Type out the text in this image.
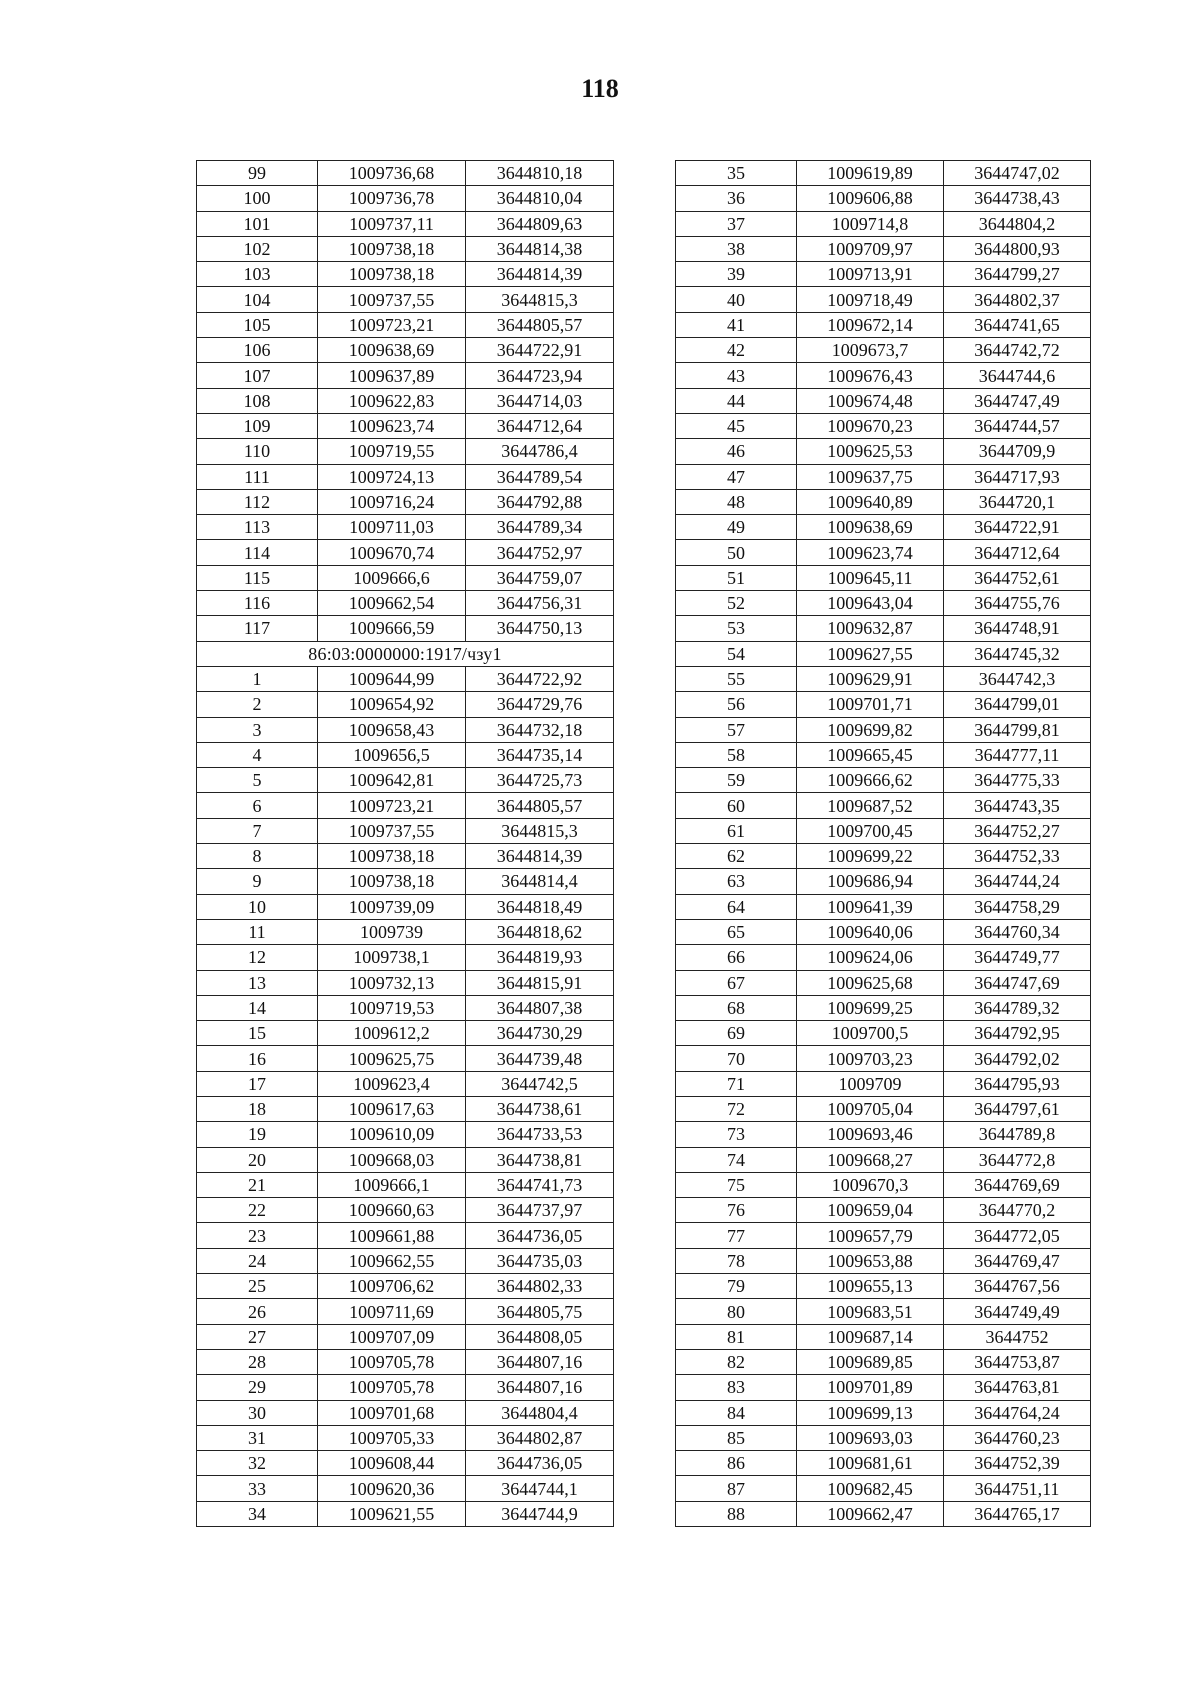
118
99	1009736,68	3644810,18
100	1009736,78	3644810,04
101	1009737,11	3644809,63
102	1009738,18	3644814,38
103	1009738,18	3644814,39
104	1009737,55	3644815,3
105	1009723,21	3644805,57
106	1009638,69	3644722,91
107	1009637,89	3644723,94
108	1009622,83	3644714,03
109	1009623,74	3644712,64
110	1009719,55	3644786,4
111	1009724,13	3644789,54
112	1009716,24	3644792,88
113	1009711,03	3644789,34
114	1009670,74	3644752,97
115	1009666,6	3644759,07
116	1009662,54	3644756,31
117	1009666,59	3644750,13
86:03:0000000:1917/чзу1		
1	1009644,99	3644722,92
2	1009654,92	3644729,76
3	1009658,43	3644732,18
4	1009656,5	3644735,14
5	1009642,81	3644725,73
6	1009723,21	3644805,57
7	1009737,55	3644815,3
8	1009738,18	3644814,39
9	1009738,18	3644814,4
10	1009739,09	3644818,49
11	1009739	3644818,62
12	1009738,1	3644819,93
13	1009732,13	3644815,91
14	1009719,53	3644807,38
15	1009612,2	3644730,29
16	1009625,75	3644739,48
17	1009623,4	3644742,5
18	1009617,63	3644738,61
19	1009610,09	3644733,53
20	1009668,03	3644738,81
21	1009666,1	3644741,73
22	1009660,63	3644737,97
23	1009661,88	3644736,05
24	1009662,55	3644735,03
25	1009706,62	3644802,33
26	1009711,69	3644805,75
27	1009707,09	3644808,05
28	1009705,78	3644807,16
29	1009705,78	3644807,16
30	1009701,68	3644804,4
31	1009705,33	3644802,87
32	1009608,44	3644736,05
33	1009620,36	3644744,1
34	1009621,55	3644744,9
35	1009619,89	3644747,02
36	1009606,88	3644738,43
37	1009714,8	3644804,2
38	1009709,97	3644800,93
39	1009713,91	3644799,27
40	1009718,49	3644802,37
41	1009672,14	3644741,65
42	1009673,7	3644742,72
43	1009676,43	3644744,6
44	1009674,48	3644747,49
45	1009670,23	3644744,57
46	1009625,53	3644709,9
47	1009637,75	3644717,93
48	1009640,89	3644720,1
49	1009638,69	3644722,91
50	1009623,74	3644712,64
51	1009645,11	3644752,61
52	1009643,04	3644755,76
53	1009632,87	3644748,91
54	1009627,55	3644745,32
55	1009629,91	3644742,3
56	1009701,71	3644799,01
57	1009699,82	3644799,81
58	1009665,45	3644777,11
59	1009666,62	3644775,33
60	1009687,52	3644743,35
61	1009700,45	3644752,27
62	1009699,22	3644752,33
63	1009686,94	3644744,24
64	1009641,39	3644758,29
65	1009640,06	3644760,34
66	1009624,06	3644749,77
67	1009625,68	3644747,69
68	1009699,25	3644789,32
69	1009700,5	3644792,95
70	1009703,23	3644792,02
71	1009709	3644795,93
72	1009705,04	3644797,61
73	1009693,46	3644789,8
74	1009668,27	3644772,8
75	1009670,3	3644769,69
76	1009659,04	3644770,2
77	1009657,79	3644772,05
78	1009653,88	3644769,47
79	1009655,13	3644767,56
80	1009683,51	3644749,49
81	1009687,14	3644752
82	1009689,85	3644753,87
83	1009701,89	3644763,81
84	1009699,13	3644764,24
85	1009693,03	3644760,23
86	1009681,61	3644752,39
87	1009682,45	3644751,11
88	1009662,47	3644765,17
